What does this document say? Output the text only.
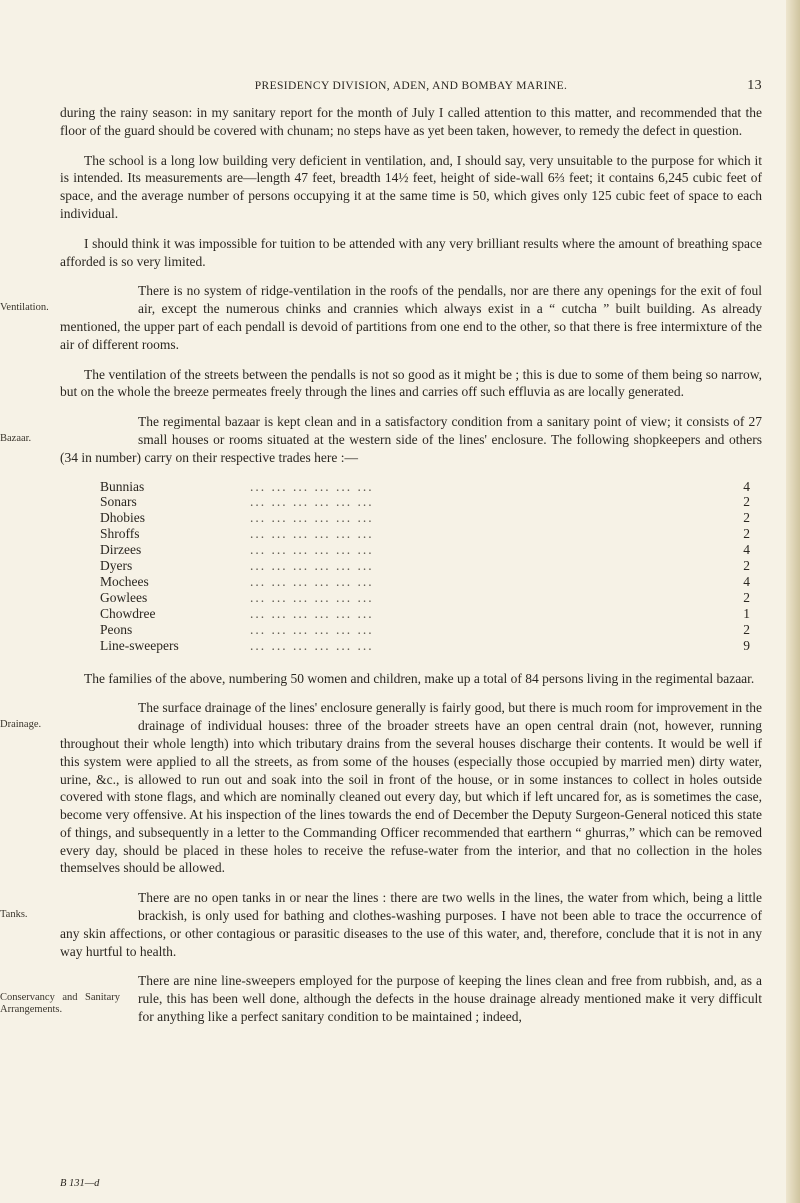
PRESIDENCY DIVISION, ADEN, AND BOMBAY MARINE.	13

during the rainy season: in my sanitary report for the month of July I called attention to this matter, and recommended that the floor of the guard should be covered with chunam; no steps have as yet been taken, however, to remedy the defect in question.

The school is a long low building very deficient in ventilation, and, I should say, very unsuitable to the purpose for which it is intended. Its measurements are—length 47 feet, breadth 14½ feet, height of side-wall 6⅔ feet; it contains 6,245 cubic feet of space, and the average number of persons occupying it at the same time is 50, which gives only 125 cubic feet of space to each individual.

I should think it was impossible for tuition to be attended with any very brilliant results where the amount of breathing space afforded is so very limited.

Ventilation.

There is no system of ridge-ventilation in the roofs of the pendalls, nor are there any openings for the exit of foul air, except the numerous chinks and crannies which always exist in a “ cutcha ” built building. As already mentioned, the upper part of each pendall is devoid of partitions from one end to the other, so that there is free intermixture of the air of different rooms.

The ventilation of the streets between the pendalls is not so good as it might be ; this is due to some of them being so narrow, but on the whole the breeze permeates freely through the lines and carries off such effluvia as are locally generated.

Bazaar.

The regimental bazaar is kept clean and in a satisfactory condition from a sanitary point of view; it consists of 27 small houses or rooms situated at the western side of the lines' enclosure. The following shopkeepers and others (34 in number) carry on their respective trades here :—

Bunnias	... ... ... ... ... ...	4
Sonars	... ... ... ... ... ...	2
Dhobies	... ... ... ... ... ...	2
Shroffs	... ... ... ... ... ...	2
Dirzees	... ... ... ... ... ...	4
Dyers	... ... ... ... ... ...	2
Mochees	... ... ... ... ... ...	4
Gowlees	... ... ... ... ... ...	2
Chowdree	... ... ... ... ... ...	1
Peons	... ... ... ... ... ...	2
Line-sweepers	... ... ... ... ... ...	9

The families of the above, numbering 50 women and children, make up a total of 84 persons living in the regimental bazaar.

Drainage.

The surface drainage of the lines' enclosure generally is fairly good, but there is much room for improvement in the drainage of individual houses: three of the broader streets have an open central drain (not, however, running throughout their whole length) into which tributary drains from the several houses discharge their contents. It would be well if this system were applied to all the streets, as from some of the houses (especially those occupied by married men) dirty water, urine, &c., is allowed to run out and soak into the soil in front of the house, or in some instances to collect in holes outside covered with stone flags, and which are nominally cleaned out every day, but which if left uncared for, as is sometimes the case, become very offensive. At his inspection of the lines towards the end of December the Deputy Surgeon-General noticed this state of things, and subsequently in a letter to the Commanding Officer recommended that earthern “ ghurras,” which can be removed every day, should be placed in these holes to receive the refuse-water from the interior, and that no collection in the holes themselves should be allowed.

Tanks.

There are no open tanks in or near the lines : there are two wells in the lines, the water from which, being a little brackish, is only used for bathing and clothes-washing purposes. I have not been able to trace the occurrence of any skin affections, or other contagious or parasitic diseases to the use of this water, and, therefore, conclude that it is not in any way hurtful to health.

Conservancy and Sanitary Arrangements.

There are nine line-sweepers employed for the purpose of keeping the lines clean and free from rubbish, and, as a rule, this has been well done, although the defects in the house drainage already mentioned make it very difficult for anything like a perfect sanitary condition to be maintained ; indeed,

B 131—d
